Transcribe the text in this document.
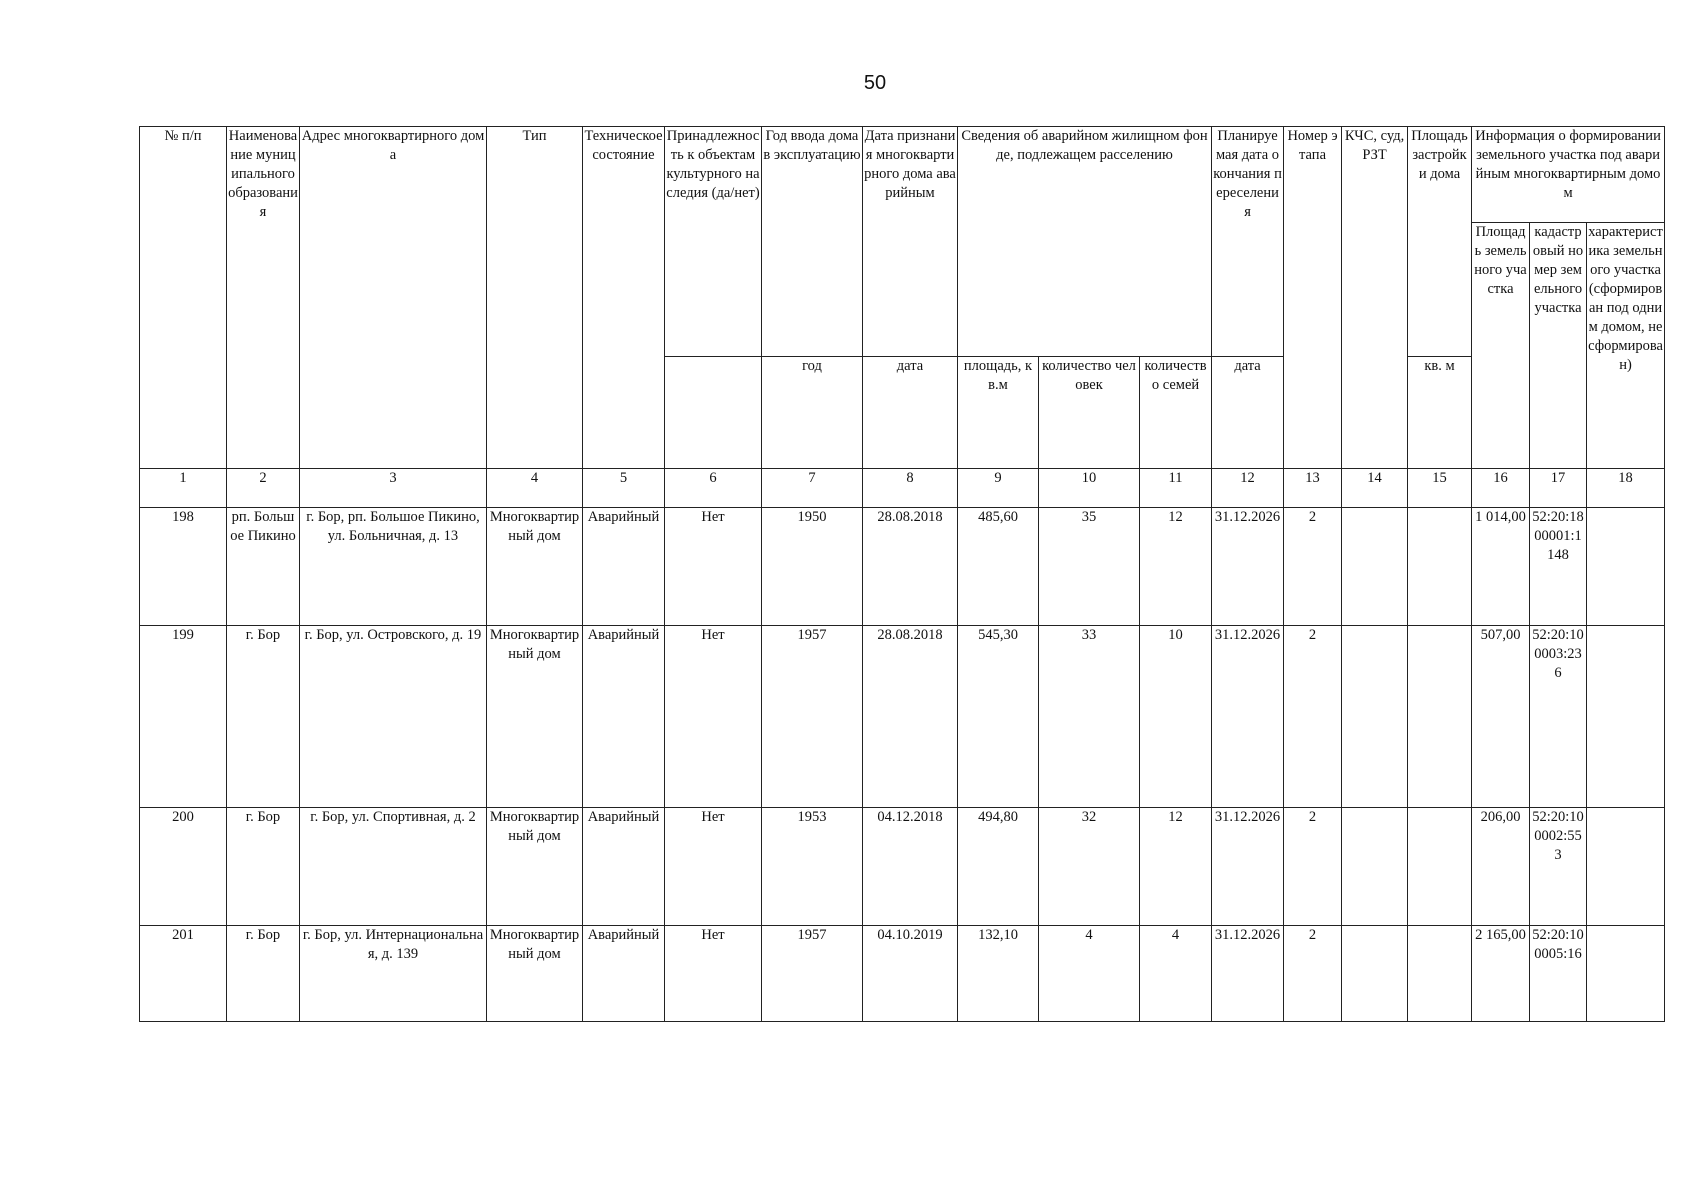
50
№ п/п	Наименование муниципального образования	Адрес многоквартирного дома	Тип	Техническое состояние	Принадлежность к объектам культурного наследия (да/нет)	Год ввода дома в эксплуатацию	Дата признания многоквартирного дома аварийным	Сведения об аварийном жилищном фонде, подлежащем расселению			Планируемая дата окончания переселения	Номер этапа	КЧС, суд, РЗТ	Площадь застройки дома	Информация о формировании земельного участка под аварийным многоквартирным домом		
															Площадь земельного участка	кадастровый номер земельного участка	характеристика земельного участка (сформирован под одним домом, не сформирован)
						год	дата	площадь, кв.м	количество человек	количество семей	дата			кв. м			
1	2	3	4	5	6	7	8	9	10	11	12	13	14	15	16	17	18
198	рп. Большое Пикино	г. Бор, рп. Большое Пикино, ул. Больничная, д. 13	Многоквартирный дом	Аварийный	Нет	1950	28.08.2018	485,60	35	12	31.12.2026	2			1 014,00	52:20:1800001:1148	
199	г. Бор	г. Бор, ул. Островского, д. 19	Многоквартирный дом	Аварийный	Нет	1957	28.08.2018	545,30	33	10	31.12.2026	2			507,00	52:20:100003:236	
200	г. Бор	г. Бор, ул. Спортивная, д. 2	Многоквартирный дом	Аварийный	Нет	1953	04.12.2018	494,80	32	12	31.12.2026	2			206,00	52:20:100002:553	
201	г. Бор	г. Бор, ул. Интернациональная, д. 139	Многоквартирный дом	Аварийный	Нет	1957	04.10.2019	132,10	4	4	31.12.2026	2			2 165,00	52:20:100005:16	
